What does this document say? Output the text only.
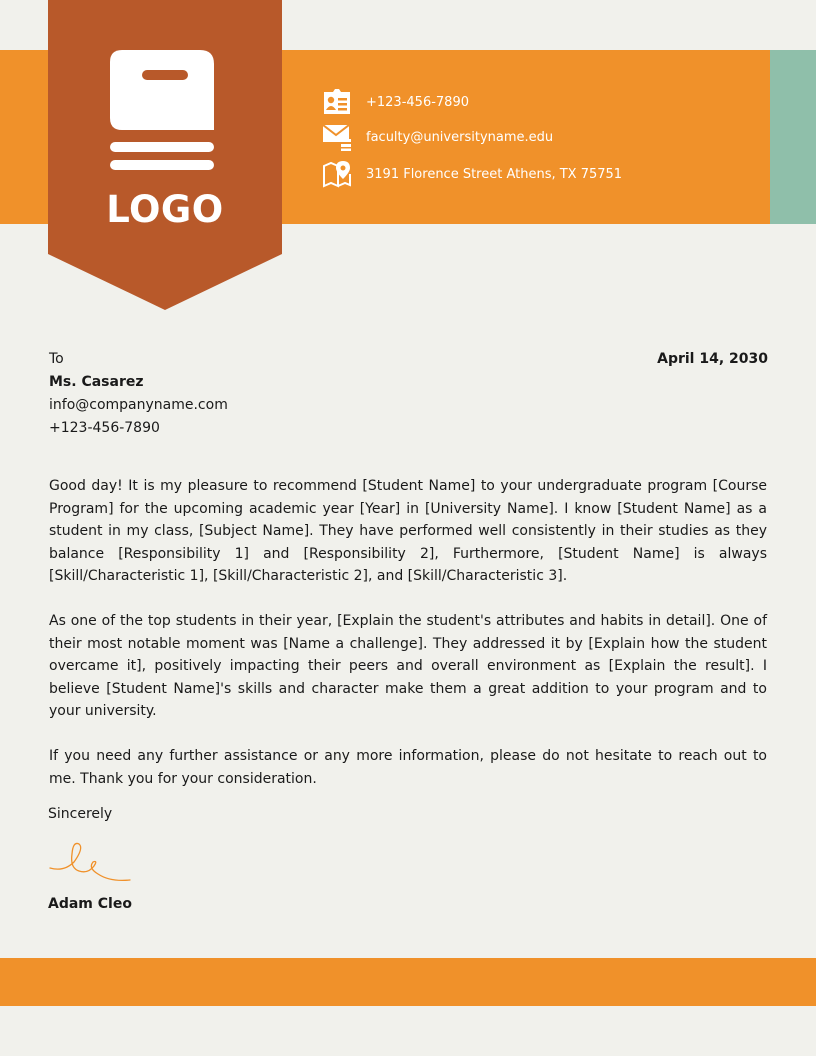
LOGO
+123-456-7890
faculty@universityname.edu
3191 Florence Street Athens, TX 75751
To
Ms. Casarez
info@companyname.com
+123-456-7890
April 14, 2030

Good day! It is my pleasure to recommend [Student Name] to your undergraduate program [Course Program] for the upcoming academic year [Year] in [University Name]. I know [Student Name] as a student in my class, [Subject Name]. They have performed well consistently in their studies as they balance [Responsibility 1] and [Responsibility 2], Furthermore, [Student Name] is always [Skill/Characteristic 1], [Skill/Characteristic 2], and [Skill/Characteristic 3].

As one of the top students in their year, [Explain the student's attributes and habits in detail]. One of their most notable moment was [Name a challenge]. They addressed it by [Explain how the student overcame it], positively impacting their peers and overall environment as [Explain the result]. I believe [Student Name]'s skills and character make them a great addition to your program and to your university.

If you need any further assistance or any more information, please do not hesitate to reach out to me. Thank you for your consideration.

Sincerely
Adam Cleo
